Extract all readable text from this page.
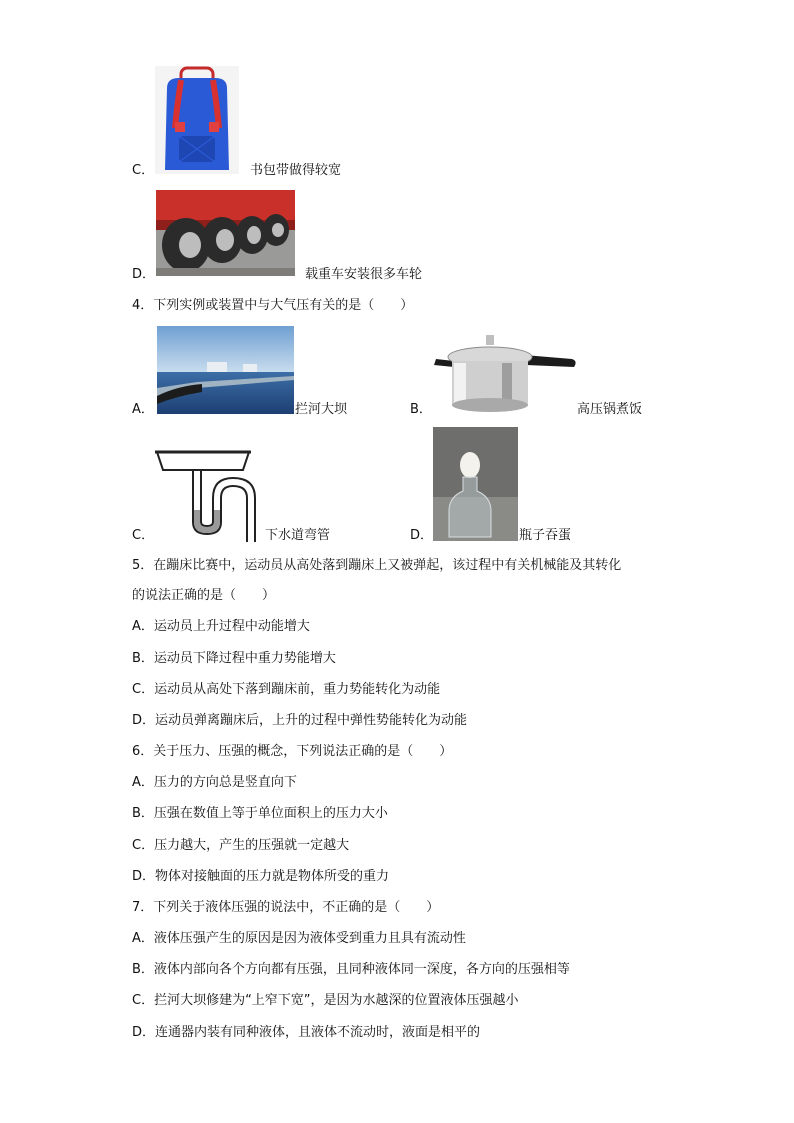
C．	书包带做得较宽
D．	载重车安装很多车轮
4．下列实例或装置中与大气压有关的是（　　）
A．	拦河大坝	B．	高压锅煮饭
C．	下水道弯管	D．	瓶子吞蛋
5．在蹦床比赛中，运动员从高处落到蹦床上又被弹起，该过程中有关机械能及其转化
的说法正确的是（　　）
A．运动员上升过程中动能增大
B．运动员下降过程中重力势能增大
C．运动员从高处下落到蹦床前，重力势能转化为动能
D．运动员弹离蹦床后，上升的过程中弹性势能转化为动能
6．关于压力、压强的概念，下列说法正确的是（　　）
A．压力的方向总是竖直向下
B．压强在数值上等于单位面积上的压力大小
C．压力越大，产生的压强就一定越大
D．物体对接触面的压力就是物体所受的重力
7．下列关于液体压强的说法中，不正确的是（　　）
A．液体压强产生的原因是因为液体受到重力且具有流动性
B．液体内部向各个方向都有压强，且同种液体同一深度，各方向的压强相等
C．拦河大坝修建为“上窄下宽”，是因为水越深的位置液体压强越小
D．连通器内装有同种液体，且液体不流动时，液面是相平的
